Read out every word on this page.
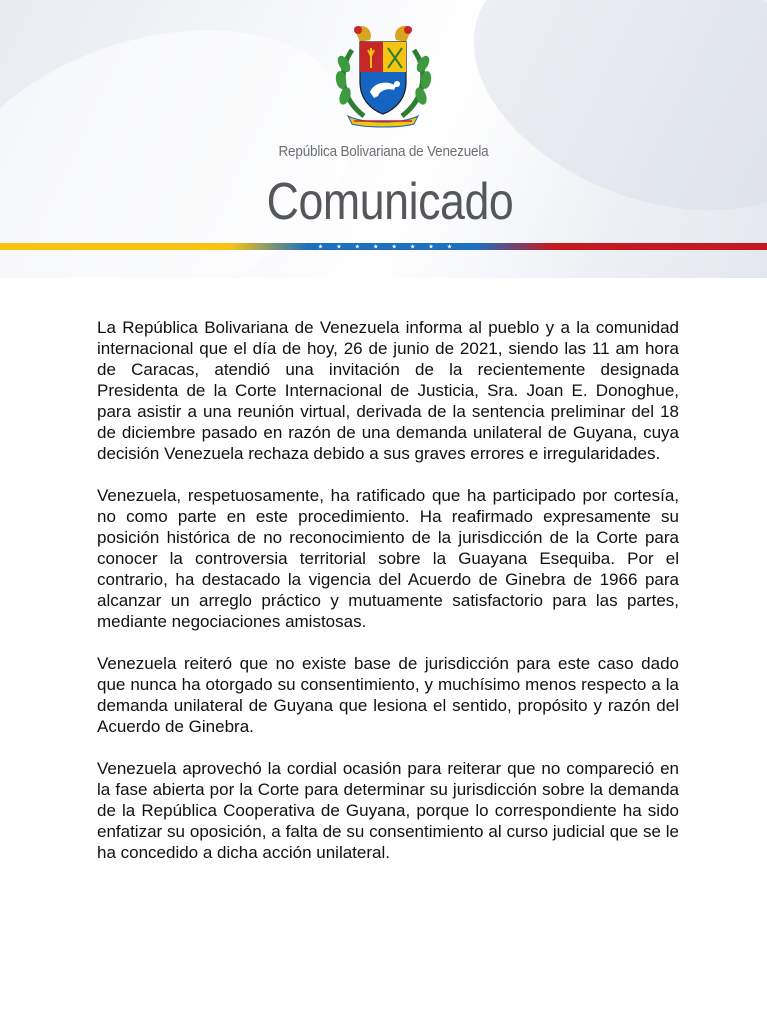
República Bolivariana de Venezuela
Comunicado

La República Bolivariana de Venezuela informa al pueblo y a la comunidad internacional que el día de hoy, 26 de junio de 2021, siendo las 11 am hora de Caracas, atendió una invitación de la recientemente designada Presidenta de la Corte Internacional de Justicia, Sra. Joan E. Donoghue, para asistir a una reunión virtual, derivada de la sentencia preliminar del 18 de diciembre pasado en razón de una demanda unilateral de Guyana, cuya decisión Venezuela rechaza debido a sus graves errores e irregularidades.

Venezuela, respetuosamente, ha ratificado que ha participado por cortesía, no como parte en este procedimiento. Ha reafirmado expresamente su posición histórica de no reconocimiento de la jurisdicción de la Corte para conocer la controversia territorial sobre la Guayana Esequiba. Por el contrario, ha destacado la vigencia del Acuerdo de Ginebra de 1966 para alcanzar un arreglo práctico y mutuamente satisfactorio para las partes, mediante negociaciones amistosas.

Venezuela reiteró que no existe base de jurisdicción para este caso dado que nunca ha otorgado su consentimiento, y muchísimo menos respecto a la demanda unilateral de Guyana que lesiona el sentido, propósito y razón del Acuerdo de Ginebra.

Venezuela aprovechó la cordial ocasión para reiterar que no compareció en la fase abierta por la Corte para determinar su jurisdicción sobre la demanda de la República Cooperativa de Guyana, porque lo correspondiente ha sido enfatizar su oposición, a falta de su consentimiento al curso judicial que se le ha concedido a dicha acción unilateral.
